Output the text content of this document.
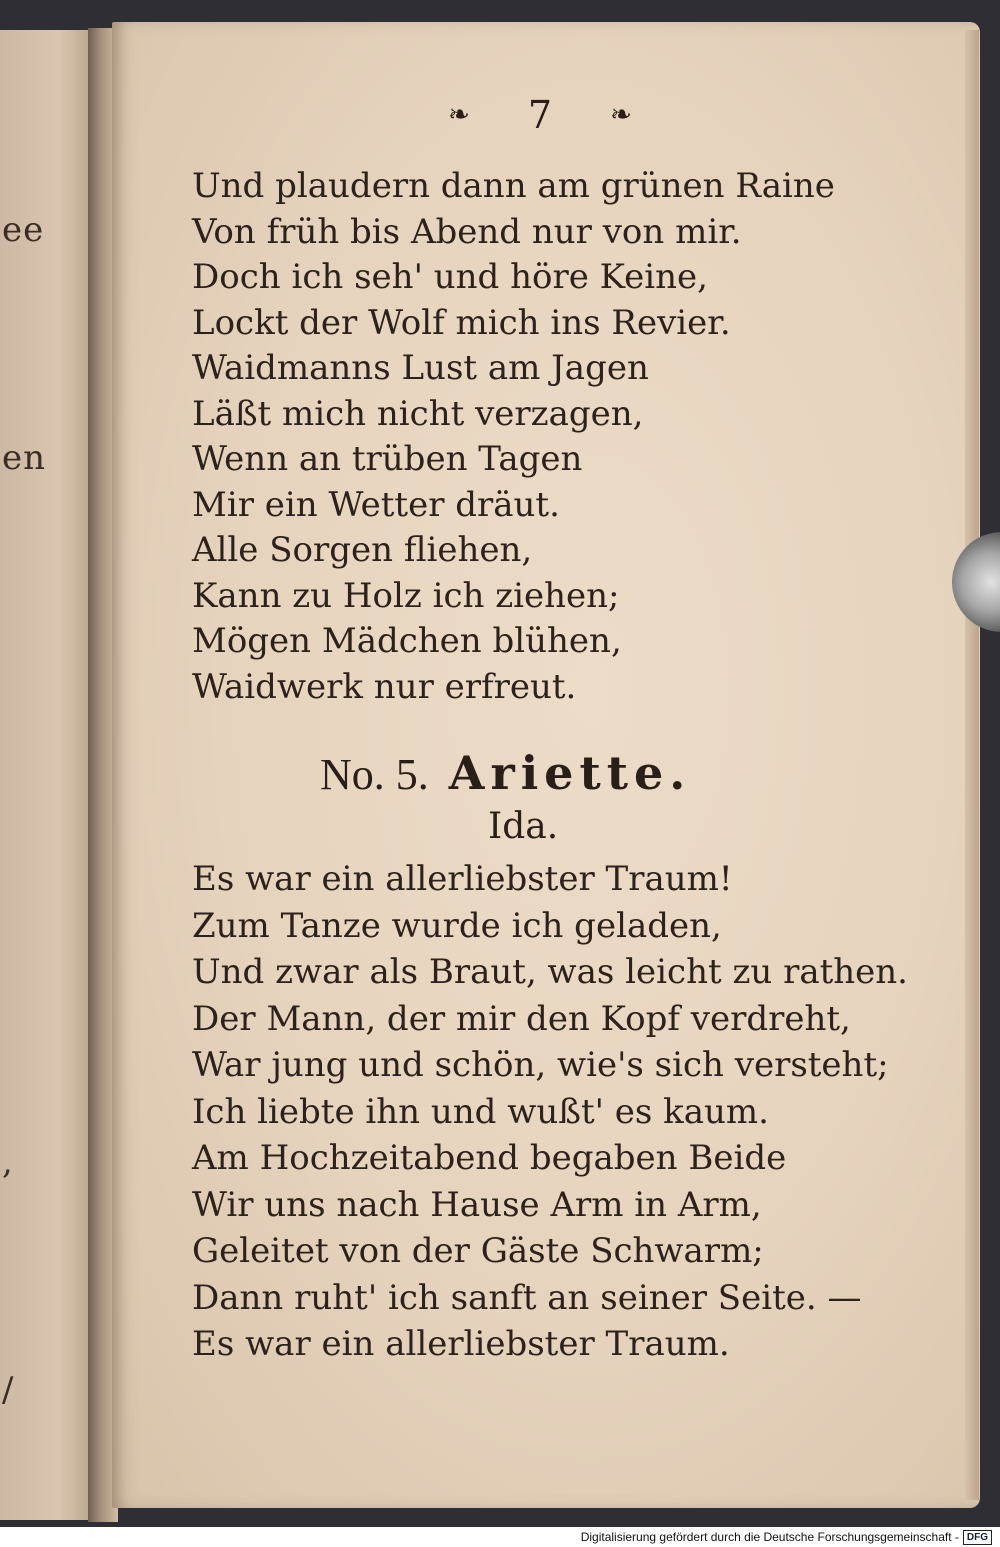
ee
en
,
/
❧ 7 ❧
Und plaudern dann am grünen Raine
Von früh bis Abend nur von mir.
Doch ich seh' und höre Keine,
Lockt der Wolf mich ins Revier.
Waidmanns Lust am Jagen
Läßt mich nicht verzagen,
Wenn an trüben Tagen
Mir ein Wetter dräut.
Alle Sorgen fliehen,
Kann zu Holz ich ziehen;
Mögen Mädchen blühen,
Waidwerk nur erfreut.
No. 5. Ariette.
Ida.
Es war ein allerliebster Traum!
Zum Tanze wurde ich geladen,
Und zwar als Braut, was leicht zu rathen.
Der Mann, der mir den Kopf verdreht,
War jung und schön, wie's sich versteht;
Ich liebte ihn und wußt' es kaum.
Am Hochzeitabend begaben Beide
Wir uns nach Hause Arm in Arm,
Geleitet von der Gäste Schwarm;
Dann ruht' ich sanft an seiner Seite. —
Es war ein allerliebster Traum.
Digitalisierung gefördert durch die Deutsche Forschungsgemeinschaft - DFG
